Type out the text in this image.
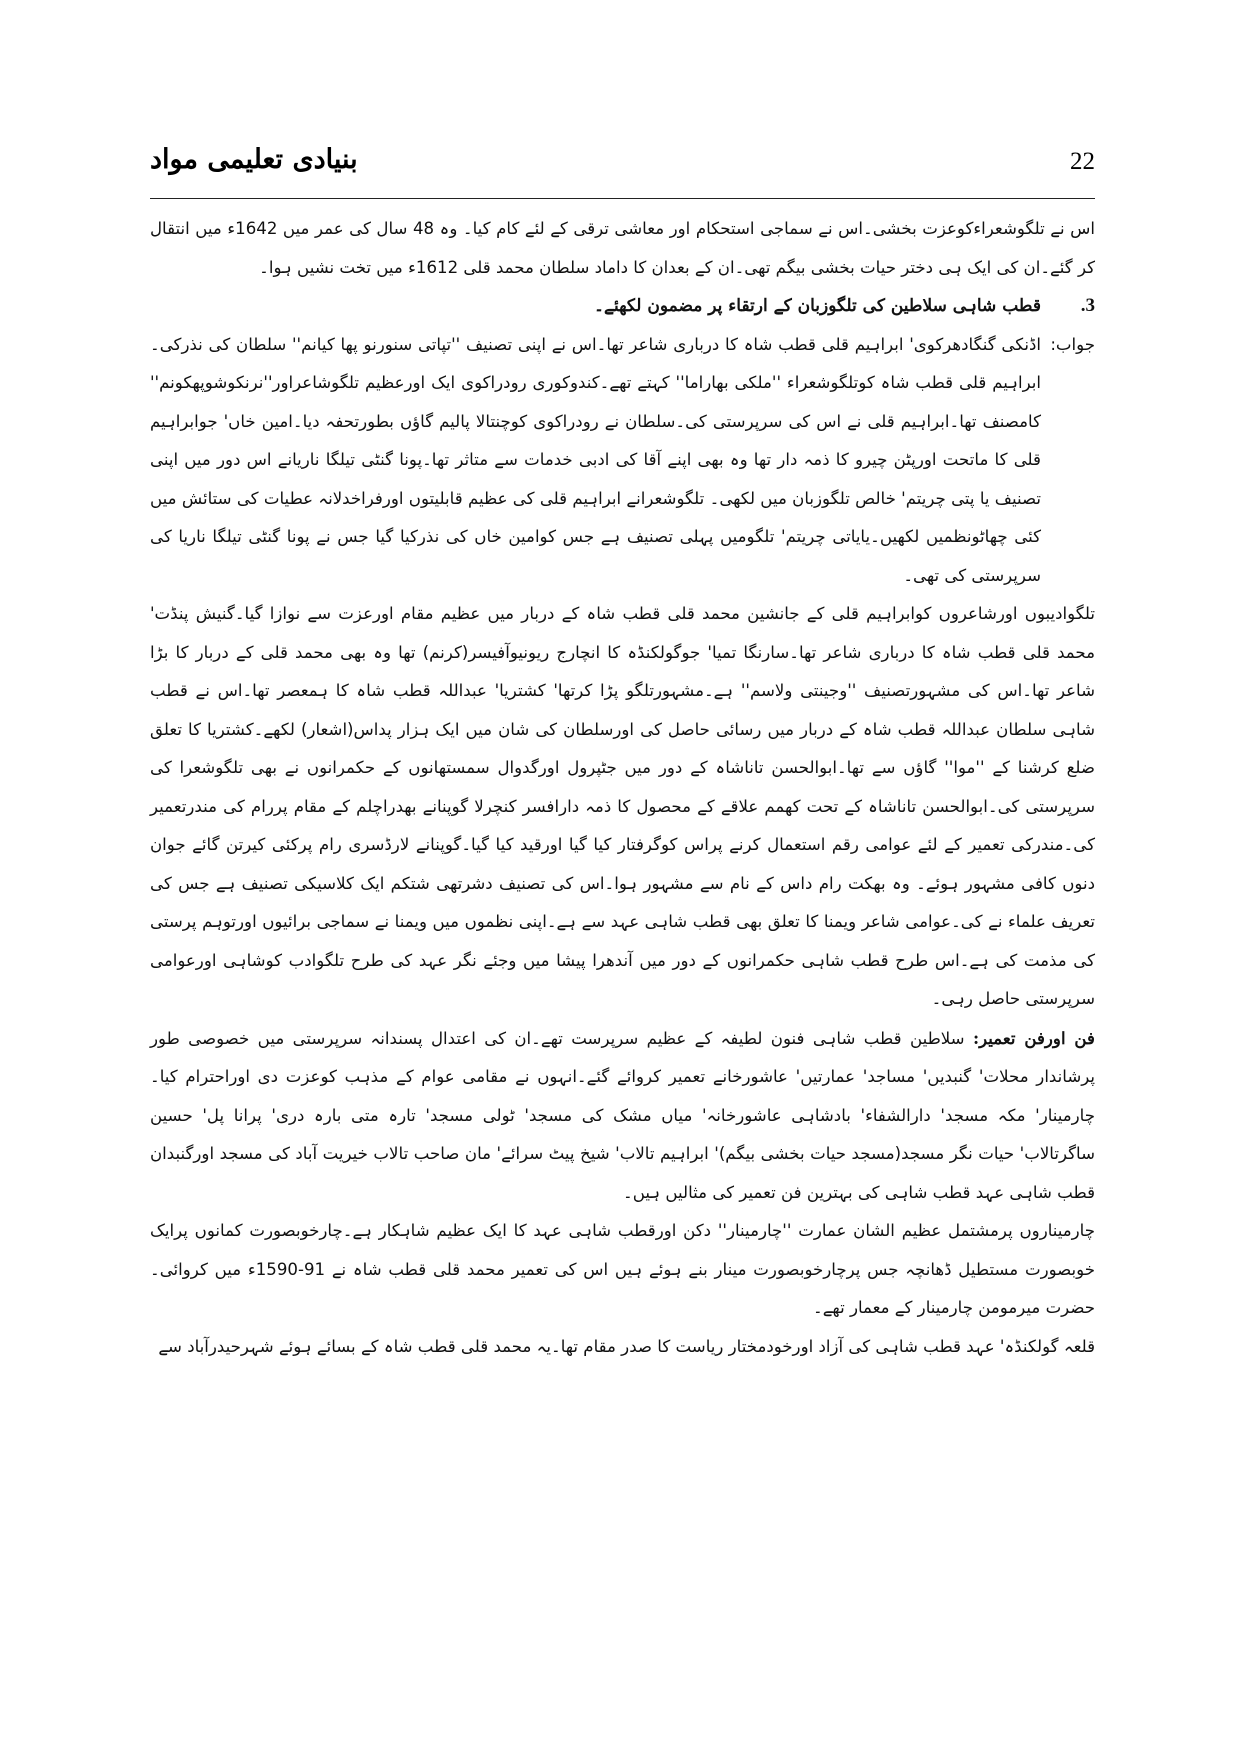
بنیادی تعلیمی مواد	22

اس نے تلگوشعراءکوعزت بخشی۔اس نے سماجی استحکام اور معاشی ترقی کے لئے کام کیا۔ وہ 48 سال کی عمر میں 1642ء میں انتقال کر گئے۔ان کی ایک ہی دختر حیات بخشی بیگم تھی۔ان کے بعدان کا داماد سلطان محمد قلی 1612ء میں تخت نشیں ہوا۔

3.
قطب شاہی سلاطین کی تلگوزبان کے ارتقاء پر مضمون لکھئے۔
جواب:

اڈنکی گنگادھرکوی' ابراہیم قلی قطب شاہ کا درباری شاعر تھا۔اس نے اپنی تصنیف ''تپاتی سنورنو پھا کیانم'' سلطان کی نذرکی۔ابراہیم قلی قطب شاہ کوتلگوشعراء ''ملکی بھاراما'' کہتے تھے۔کندوکوری رودراکوی ایک اورعظیم تلگوشاعراور''نرنکوشوپھکونم'' کامصنف تھا۔ابراہیم قلی نے اس کی سرپرستی کی۔سلطان نے رودراکوی کوچنتالا پالیم گاؤں بطورتحفہ دیا۔امین خاں' جوابراہیم قلی کا ماتحت اورپٹن چیرو کا ذمہ دار تھا وہ بھی اپنے آقا کی ادبی خدمات سے متاثر تھا۔پونا گنٹی تیلگا ناریانے اس دور میں اپنی تصنیف یا پتی چریتم' خالص تلگوزبان میں لکھی۔ تلگوشعرانے ابراہیم قلی کی عظیم قابلیتوں اورفراخدلانہ عطیات کی ستائش میں کئی چھاٹونظمیں لکھیں۔یایاتی چریتم' تلگومیں پہلی تصنیف ہے جس کوامین خاں کی نذرکیا گیا جس نے پونا گنٹی تیلگا ناریا کی سرپرستی کی تھی۔

تلگوادیبوں اورشاعروں کوابراہیم قلی کے جانشین محمد قلی قطب شاہ کے دربار میں عظیم مقام اورعزت سے نوازا گیا۔گنیش پنڈت' محمد قلی قطب شاہ کا درباری شاعر تھا۔سارنگا تمیا' جوگولکنڈہ کا انچارج ریونیوآفیسر(کرنم) تھا وہ بھی محمد قلی کے دربار کا بڑا شاعر تھا۔اس کی مشہورتصنیف ''وجینتی ولاسم'' ہے۔مشہورتلگو پڑا کرتھا' کشتریا' عبداللہ قطب شاہ کا ہمعصر تھا۔اس نے قطب شاہی سلطان عبداللہ قطب شاہ کے دربار میں رسائی حاصل کی اورسلطان کی شان میں ایک ہزار پداس(اشعار) لکھے۔کشتریا کا تعلق ضلع کرشنا کے ''موا'' گاؤں سے تھا۔ابوالحسن تاناشاہ کے دور میں جٹپرول اورگدوال سمستھانوں کے حکمرانوں نے بھی تلگوشعرا کی سرپرستی کی۔ابوالحسن تاناشاہ کے تحت کھمم علاقے کے محصول کا ذمہ دارافسر کنچرلا گوپنانے بھدراچلم کے مقام پررام کی مندرتعمیر کی۔مندرکی تعمیر کے لئے عوامی رقم استعمال کرنے پراس کوگرفتار کیا گیا اورقید کیا گیا۔گوپنانے لارڈسری رام پرکئی کیرتن گائے جوان دنوں کافی مشہور ہوئے۔ وہ بھکت رام داس کے نام سے مشہور ہوا۔اس کی تصنیف دشرتھی شتکم ایک کلاسیکی تصنیف ہے جس کی تعریف علماء نے کی۔عوامی شاعر ویمنا کا تعلق بھی قطب شاہی عہد سے ہے۔اپنی نظموں میں ویمنا نے سماجی برائیوں اورتوہم پرستی کی مذمت کی ہے۔اس طرح قطب شاہی حکمرانوں کے دور میں آندھرا پیشا میں وجئے نگر عہد کی طرح تلگوادب کوشاہی اورعوامی سرپرستی حاصل رہی۔

فن اورفن تعمیر: سلاطین قطب شاہی فنون لطیفہ کے عظیم سرپرست تھے۔ان کی اعتدال پسندانہ سرپرستی میں خصوصی طور پرشاندار محلات' گنبدیں' مساجد' عمارتیں' عاشورخانے تعمیر کروائے گئے۔انہوں نے مقامی عوام کے مذہب کوعزت دی اوراحترام کیا۔ چارمینار' مکہ مسجد' دارالشفاء' بادشاہی عاشورخانہ' میاں مشک کی مسجد' ٹولی مسجد' تارہ متی بارہ دری' پرانا پل' حسین ساگرتالاب' حیات نگر مسجد(مسجد حیات بخشی بیگم)' ابراہیم تالاب' شیخ پیٹ سرائے' مان صاحب تالاب خیریت آباد کی مسجد اورگنبدان قطب شاہی عہد قطب شاہی کی بہترین فن تعمیر کی مثالیں ہیں۔

چارمیناروں پرمشتمل عظیم الشان عمارت ''چارمینار'' دکن اورقطب شاہی عہد کا ایک عظیم شاہکار ہے۔چارخوبصورت کمانوں پرایک خوبصورت مستطیل ڈھانچہ جس پرچارخوبصورت مینار بنے ہوئے ہیں اس کی تعمیر محمد قلی قطب شاہ نے 91-1590ء میں کروائی۔ حضرت میرمومن چارمینار کے معمار تھے۔

قلعہ گولکنڈہ' عہد قطب شاہی کی آزاد اورخودمختار ریاست کا صدر مقام تھا۔یہ محمد قلی قطب شاہ کے بسائے ہوئے شہرحیدرآباد سے
